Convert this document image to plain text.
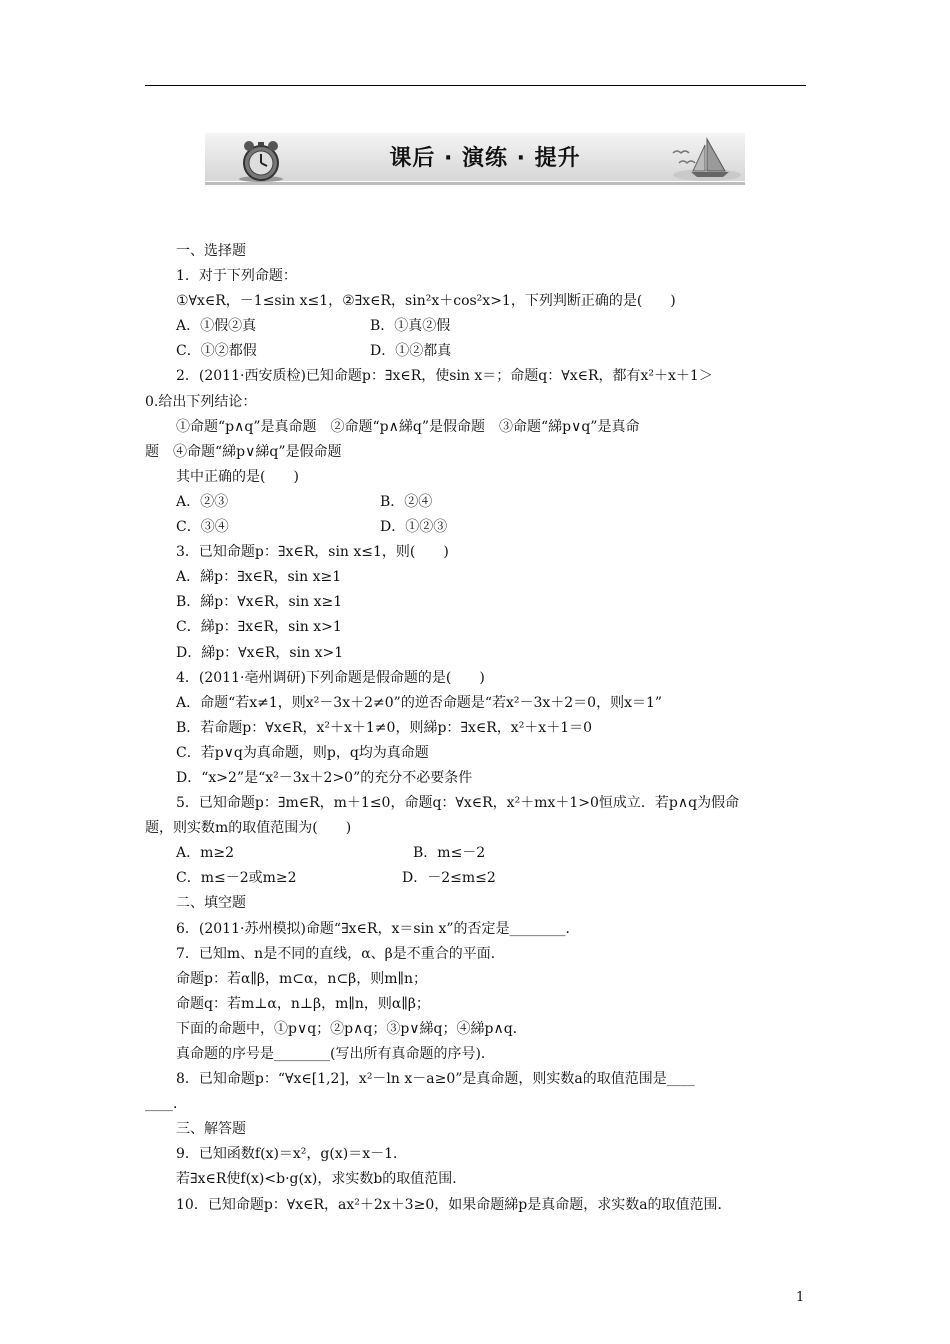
课后 · 演练 · 提升
一、选择题
1．对于下列命题：
①∀x∈R，－1≤sin x≤1，②∃x∈R，sin²x＋cos²x>1，下列判断正确的是(　　)
A．①假②真	B．①真②假
C．①②都假	D．①②都真
2．(2011·西安质检)已知命题p：∃x∈R，使sin x＝；命题q：∀x∈R，都有x²＋x＋1＞
0.给出下列结论：
①命题“p∧q”是真命题　②命题“p∧綈q”是假命题　③命题“綈p∨q”是真命
题　④命题“綈p∨綈q”是假命题
其中正确的是(　　)
A．②③	B．②④
C．③④	D．①②③
3．已知命题p：∃x∈R，sin x≤1，则(　　)
A．綈p：∃x∈R，sin x≥1
B．綈p：∀x∈R，sin x≥1
C．綈p：∃x∈R，sin x>1
D．綈p：∀x∈R，sin x>1
4．(2011·亳州调研)下列命题是假命题的是(　　)
A．命题“若x≠1，则x²－3x＋2≠0”的逆否命题是“若x²－3x＋2＝0，则x＝1”
B．若命题p：∀x∈R，x²＋x＋1≠0，则綈p：∃x∈R，x²＋x＋1＝0
C．若p∨q为真命题，则p，q均为真命题
D．“x>2”是“x²－3x＋2>0”的充分不必要条件
5．已知命题p：∃m∈R，m＋1≤0，命题q：∀x∈R，x²＋mx＋1>0恒成立．若p∧q为假命
题，则实数m的取值范围为(　　)
A．m≥2	B．m≤－2
C．m≤－2或m≥2	D．－2≤m≤2
二、填空题
6．(2011·苏州模拟)命题“∃x∈R，x＝sin x”的否定是________．
7．已知m、n是不同的直线，α、β是不重合的平面．
命题p：若α∥β，m⊂α，n⊂β，则m∥n；
命题q：若m⊥α，n⊥β，m∥n，则α∥β；
下面的命题中，①p∨q；②p∧q；③p∨綈q；④綈p∧q．
真命题的序号是________(写出所有真命题的序号)．
8．已知命题p：“∀x∈[1,2]，x²－ln x－a≥0”是真命题，则实数a的取值范围是____
____．
三、解答题
9．已知函数f(x)＝x²，g(x)＝x－1．
若∃x∈R使f(x)<b·g(x)，求实数b的取值范围．
10．已知命题p：∀x∈R，ax²＋2x＋3≥0，如果命题綈p是真命题，求实数a的取值范围．
1
